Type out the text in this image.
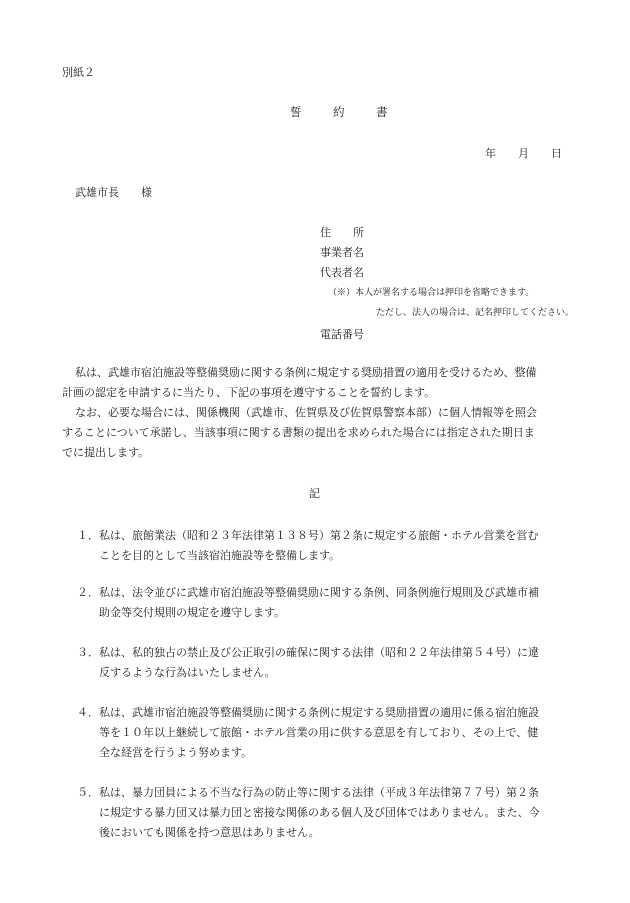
別紙２
誓　約　書
年　　月　　日
武雄市長　　様
住　　所
事業者名
代表者名
（※）本人が署名する場合は押印を省略できます。
ただし、法人の場合は、記名押印してください。
電話番号
私は、武雄市宿泊施設等整備奨励に関する条例に規定する奨励措置の適用を受けるため、整備
計画の認定を申請するに当たり、下記の事項を遵守することを誓約します。
なお、必要な場合には、関係機関（武雄市、佐賀県及び佐賀県警察本部）に個人情報等を照会
することについて承諾し、当該事項に関する書類の提出を求められた場合には指定された期日ま
でに提出します。
記
１． 私は、旅館業法（昭和２３年法律第１３８号）第２条に規定する旅館・ホテル営業を営む
ことを目的として当該宿泊施設等を整備します。
２． 私は、法令並びに武雄市宿泊施設等整備奨励に関する条例、同条例施行規則及び武雄市補
助金等交付規則の規定を遵守します。
３． 私は、私的独占の禁止及び公正取引の確保に関する法律（昭和２２年法律第５４号）に違
反するような行為はいたしません。
４． 私は、武雄市宿泊施設等整備奨励に関する条例に規定する奨励措置の適用に係る宿泊施設
等を１０年以上継続して旅館・ホテル営業の用に供する意思を有しており、その上で、健
全な経営を行うよう努めます。
５． 私は、暴力団員による不当な行為の防止等に関する法律（平成３年法律第７７号）第２条
に規定する暴力団又は暴力団と密接な関係のある個人及び団体ではありません。また、今
後においても関係を持つ意思はありません。
